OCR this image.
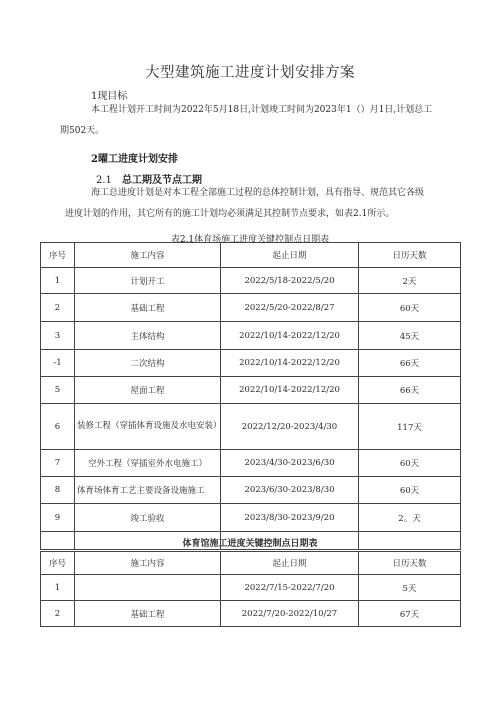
大型建筑施工进度计划安排方案
1现目标
本工程计划开工时间为2022年5月18日,计划竣工时间为2023年1（）月1日,计划总工
期502天。
2曜工进度计划安排
2.1 总工期及节点工期
海工总进度计划是对本工程全部施工过程的总体控制计划，具有指导、规范其它各级
进度计划的作用，其它所有的施工计划均必须满足其控制节点要求，如表2.1所示。
表2.1体育场施工进度关键控制点日期表
序号	施工内容	起止日期	日历天数
1	计划开工	2022/5/18-2022/5/20	2天
2	基础工程	2022/5/20-2022/8/27	60天
3	主体结构	2022/10/14-2022/12/20	45天
-1	二次结构	2022/10/14-2022/12/20	66天
5	屋面工程	2022/10/14-2022/12/20	66天
6	装修工程（穿插体育设施及水电安装）	2022/12/20-2023/4/30	117天
7	空外工程（穿插室外水电施工）	2023/4/30-2023/6/30	60天
8	体育场体育工艺主要设备设施施工	2023/6/30-2023/8/30	60天
9	竣工验收	2023/8/30-2023/9/20	2。天

体育馆施工进度关键控制点日期表
序号	施工内容	起止日期	日历天数
1		2022/7/15-2022/7/20	5天
2	基础工程	2022/7/20-2022/10/27	67天
